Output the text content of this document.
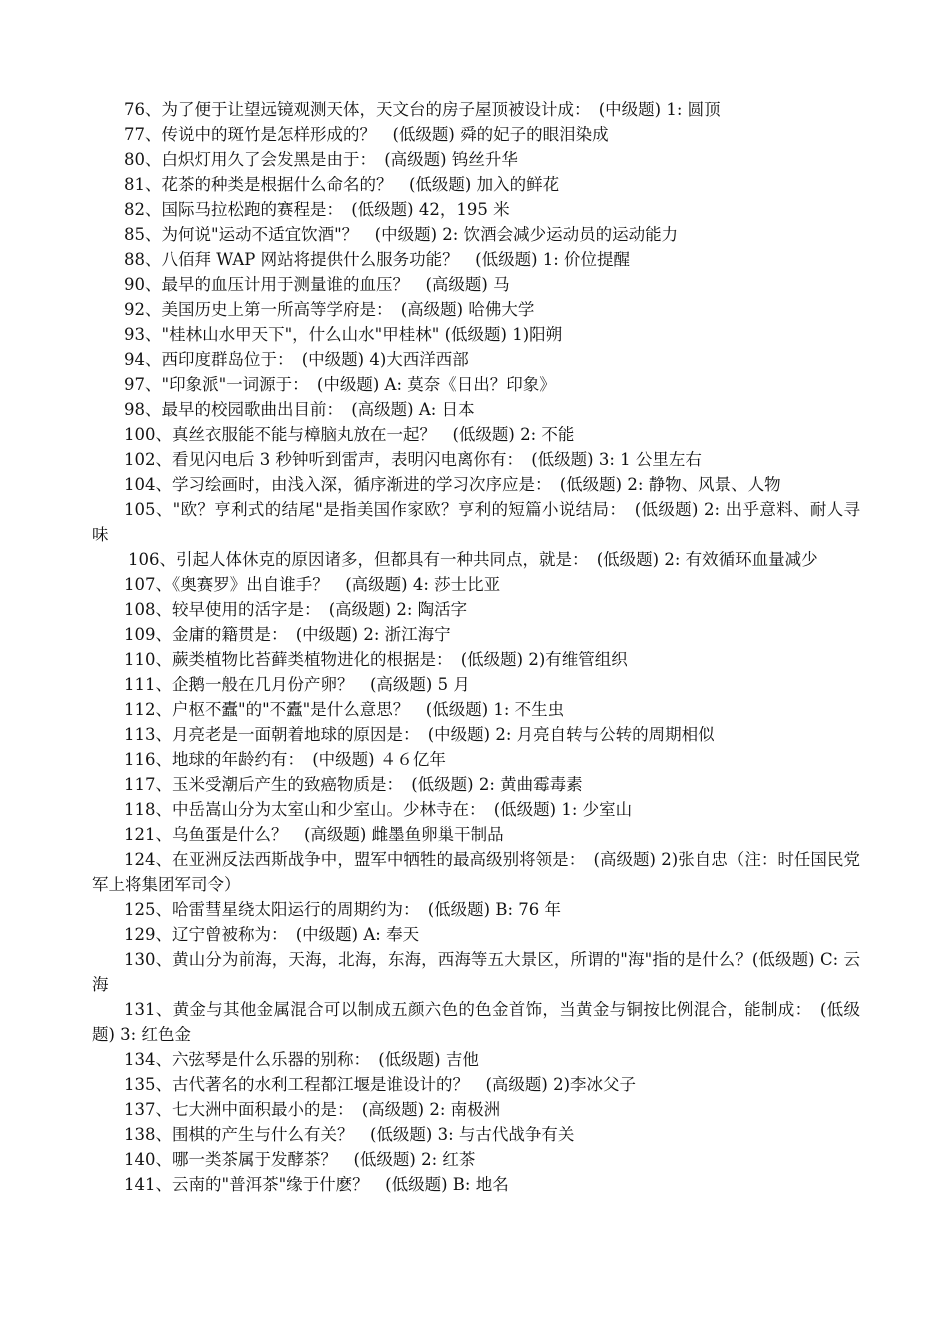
76、为了便于让望远镜观测天体，天文台的房子屋顶被设计成：　(中级题) 1: 圆顶

77、传说中的斑竹是怎样形成的？　(低级题) 舜的妃子的眼泪染成

80、白炽灯用久了会发黑是由于：　(高级题) 钨丝升华

81、花茶的种类是根据什么命名的？　(低级题) 加入的鲜花

82、国际马拉松跑的赛程是：　(低级题) 42，195 米

85、为何说"运动不适宜饮酒"？　(中级题) 2: 饮酒会减少运动员的运动能力

88、八佰拜 WAP 网站将提供什么服务功能？　(低级题) 1: 价位提醒

90、最早的血压计用于测量谁的血压？　(高级题) 马

92、美国历史上第一所高等学府是：　(高级题) 哈佛大学

93、"桂林山水甲天下"，什么山水"甲桂林" (低级题) 1)阳朔

94、西印度群岛位于：　(中级题) 4)大西洋西部

97、"印象派"一词源于：　(中级题) A: 莫奈《日出？印象》

98、最早的校园歌曲出目前：　(高级题) A: 日本

100、真丝衣服能不能与樟脑丸放在一起？　(低级题) 2: 不能

102、看见闪电后 3 秒钟听到雷声，表明闪电离你有：　(低级题) 3: 1 公里左右

104、学习绘画时，由浅入深，循序渐进的学习次序应是：　(低级题) 2: 静物、风景、人物

105、"欧？亨利式的结尾"是指美国作家欧？亨利的短篇小说结局：　(低级题) 2: 出乎意料、耐人寻味

106、引起人体休克的原因诸多，但都具有一种共同点，就是：　(低级题) 2: 有效循环血量减少

107、《奥赛罗》出自谁手？　(高级题) 4: 莎士比亚

108、较早使用的活字是：　(高级题) 2: 陶活字

109、金庸的籍贯是：　(中级题) 2: 浙江海宁

110、蕨类植物比苔藓类植物进化的根据是：　(低级题) 2)有维管组织

111、企鹅一般在几月份产卵？　(高级题) 5 月

112、户枢不蠹"的"不蠹"是什么意思？　(低级题) 1: 不生虫

113、月亮老是一面朝着地球的原因是：　(中级题) 2: 月亮自转与公转的周期相似

116、地球的年龄约有：　(中级题) ４６亿年

117、玉米受潮后产生的致癌物质是：　(低级题) 2: 黄曲霉毒素

118、中岳嵩山分为太室山和少室山。少林寺在：　(低级题) 1: 少室山

121、乌鱼蛋是什么？　(高级题) 雌墨鱼卵巢干制品

124、在亚洲反法西斯战争中，盟军中牺牲的最高级别将领是：　(高级题) 2)张自忠（注：时任国民党军上将集团军司令）

125、哈雷彗星绕太阳运行的周期约为：　(低级题) B: 76 年

129、辽宁曾被称为：　(中级题) A: 奉天

130、黄山分为前海，天海，北海，东海，西海等五大景区，所谓的"海"指的是什么？(低级题) C: 云海

131、黄金与其他金属混合可以制成五颜六色的色金首饰，当黄金与铜按比例混合，能制成：　(低级题) 3: 红色金

134、六弦琴是什么乐器的别称：　(低级题) 吉他

135、古代著名的水利工程都江堰是谁设计的？　(高级题) 2)李冰父子

137、七大洲中面积最小的是：　(高级题) 2: 南极洲

138、围棋的产生与什么有关？　(低级题) 3: 与古代战争有关

140、哪一类茶属于发酵茶？　(低级题) 2: 红茶

141、云南的"普洱茶"缘于什麽？　(低级题) B: 地名
